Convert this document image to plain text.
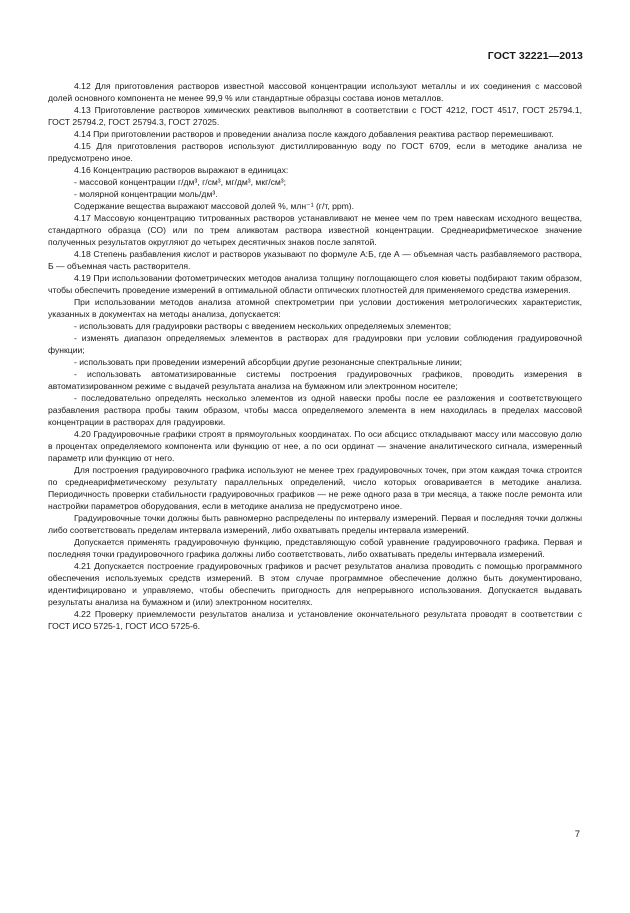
ГОСТ 32221—2013

4.12 Для приготовления растворов известной массовой концентрации используют металлы и их соединения с массовой долей основного компонента не менее 99,9 % или стандартные образцы состава ионов металлов.

4.13 Приготовление растворов химических реактивов выполняют в соответствии с ГОСТ 4212, ГОСТ 4517, ГОСТ 25794.1, ГОСТ 25794.2, ГОСТ 25794.3, ГОСТ 27025.

4.14 При приготовлении растворов и проведении анализа после каждого добавления реактива раствор перемешивают.

4.15 Для приготовления растворов используют дистиллированную воду по ГОСТ 6709, если в методике анализа не предусмотрено иное.

4.16 Концентрацию растворов выражают в единицах:

- массовой концентрации г/дм³, г/см³, мг/дм³, мкг/см³;

- молярной концентрации моль/дм³.

Содержание вещества выражают массовой долей %, млн⁻¹ (г/т, ppm).

4.17 Массовую концентрацию титрованных растворов устанавливают не менее чем по трем навескам исходного вещества, стандартного образца (СО) или по трем аликвотам раствора известной концентрации. Среднеарифметическое значение полученных результатов округляют до четырех десятичных знаков после запятой.

4.18 Степень разбавления кислот и растворов указывают по формуле А:Б, где А — объемная часть разбавляемого раствора, Б — объемная часть растворителя.

4.19 При использовании фотометрических методов анализа толщину поглощающего слоя кюветы подбирают таким образом, чтобы обеспечить проведение измерений в оптимальной области оптических плотностей для применяемого средства измерения.

При использовании методов анализа атомной спектрометрии при условии достижения метрологических характеристик, указанных в документах на методы анализа, допускается:

- использовать для градуировки растворы с введением нескольких определяемых элементов;

- изменять диапазон определяемых элементов в растворах для градуировки при условии соблюдения градуировочной функции;

- использовать при проведении измерений абсорбции другие резонансные спектральные линии;

- использовать автоматизированные системы построения градуировочных графиков, проводить измерения в автоматизированном режиме с выдачей результата анализа на бумажном или электронном носителе;

- последовательно определять несколько элементов из одной навески пробы после ее разложения и соответствующего разбавления раствора пробы таким образом, чтобы масса определяемого элемента в нем находилась в пределах массовой концентрации в растворах для градуировки.

4.20 Градуировочные графики строят в прямоугольных координатах. По оси абсцисс откладывают массу или массовую долю в процентах определяемого компонента или функцию от нее, а по оси ординат — значение аналитического сигнала, измеренный параметр или функцию от него.

Для построения градуировочного графика используют не менее трех градуировочных точек, при этом каждая точка строится по среднеарифметическому результату параллельных определений, число которых оговаривается в методике анализа. Периодичность проверки стабильности градуировочных графиков — не реже одного раза в три месяца, а также после ремонта или настройки параметров оборудования, если в методике анализа не предусмотрено иное.

Градуировочные точки должны быть равномерно распределены по интервалу измерений. Первая и последняя точки должны либо соответствовать пределам интервала измерений, либо охватывать пределы интервала измерений.

Допускается применять градуировочную функцию, представляющую собой уравнение градуировочного графика. Первая и последняя точки градуировочного графика должны либо соответствовать, либо охватывать пределы интервала измерений.

4.21 Допускается построение градуировочных графиков и расчет результатов анализа проводить с помощью программного обеспечения используемых средств измерений. В этом случае программное обеспечение должно быть документировано, идентифицировано и управляемо, чтобы обеспечить пригодность для непрерывного использования. Допускается выдавать результаты анализа на бумажном и (или) электронном носителях.

4.22 Проверку приемлемости результатов анализа и установление окончательного результата проводят в соответствии с ГОСТ ИСО 5725-1, ГОСТ ИСО 5725-6.

7
